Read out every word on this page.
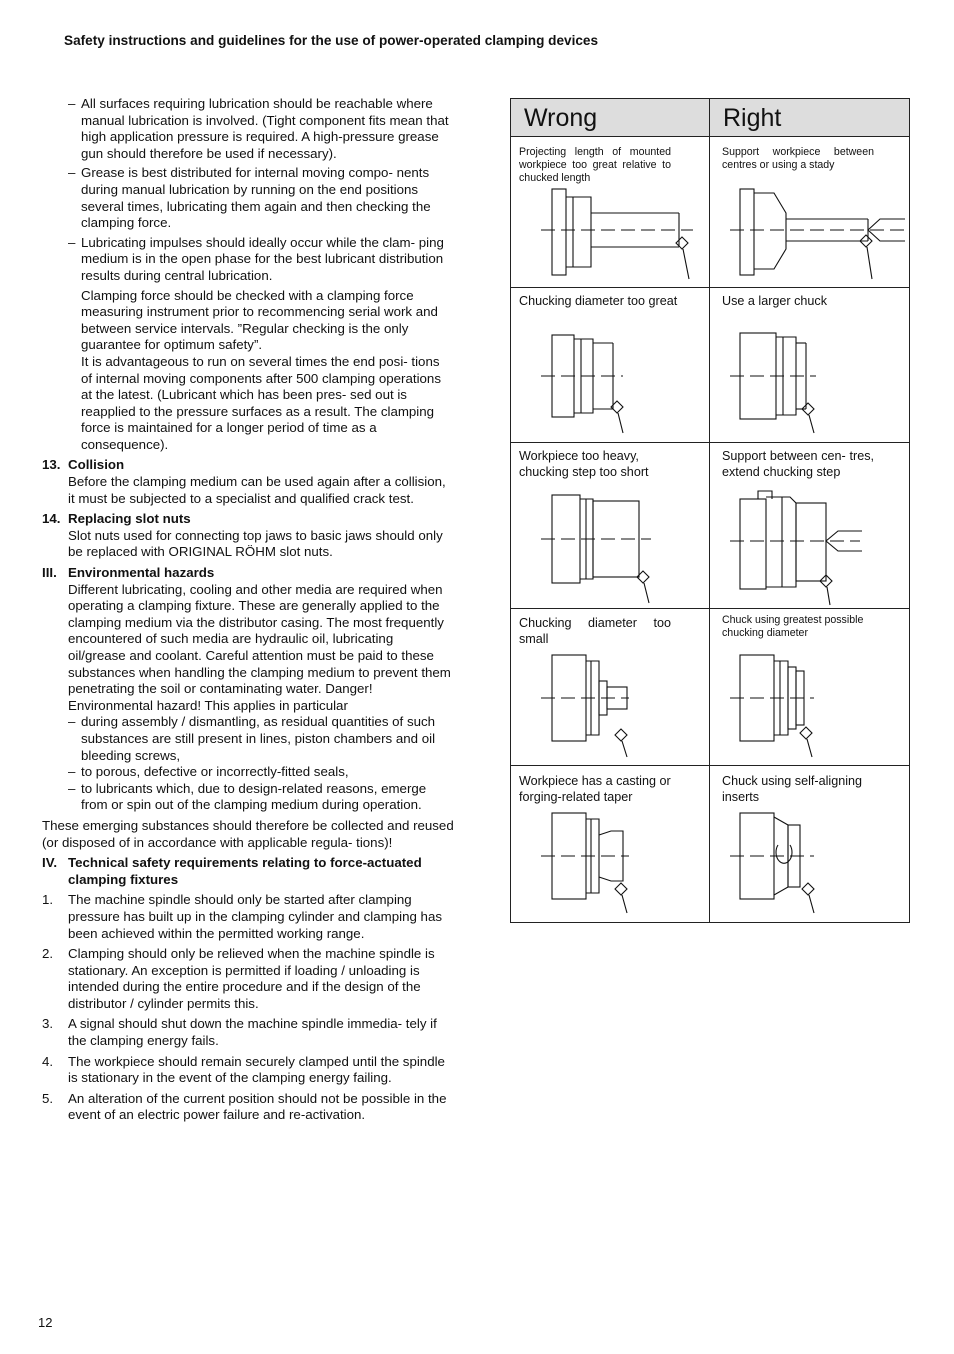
Safety instructions and guidelines for the use of power-operated clamping devices
– All surfaces requiring lubrication should be reachable where manual lubrication is involved. (Tight component fits mean that high application pressure is required. A high-pressure grease gun should therefore be used if necessary).
– Grease is best distributed for internal moving compo- nents during manual lubrication by running on the end positions several times, lubricating them again and then checking the clamping force.
– Lubricating impulses should ideally occur while the clam- ping medium is in the open phase for the best lubricant distribution results during central lubrication.
Clamping force should be checked with a clamping force measuring instrument prior to recommencing serial work and between service intervals. ”Regular checking is the only guarantee for optimum safety”.
It is advantageous to run on several times the end posi- tions of internal moving components after 500 clamping operations at the latest. (Lubricant which has been pres- sed out is reapplied to the pressure surfaces as a result. The clamping force is maintained for a longer period of time as a consequence).
13. Collision
Before the clamping medium can be used again after a collision, it must be subjected to a specialist and qualified crack test.
14. Replacing slot nuts
Slot nuts used for connecting top jaws to basic jaws should only be replaced with ORIGINAL RÖHM slot nuts.
III. Environmental hazards
Different lubricating, cooling and other media are required when operating a clamping fixture. These are generally applied to the clamping medium via the distributor casing. The most frequently encountered of such media are hydraulic oil, lubricating oil/grease and coolant. Careful attention must be paid to these substances when handling the clamping medium to prevent them penetrating the soil or contaminating water. Danger! Environmental hazard! This applies in particular
– during assembly / dismantling, as residual quantities of such substances are still present in lines, piston chambers and oil bleeding screws,
– to porous, defective or incorrectly-fitted seals,
– to lubricants which, due to design-related reasons, emerge from or spin out of the clamping medium during operation.
These emerging substances should therefore be collected and reused (or disposed of in accordance with applicable regula- tions)!
IV. Technical safety requirements relating to force-actuated clamping fixtures
1. The machine spindle should only be started after clamping pressure has built up in the clamping cylinder and clamping has been achieved within the permitted working range.
2. Clamping should only be relieved when the machine spindle is stationary. An exception is permitted if loading / unloading is intended during the entire procedure and if the design of the distributor / cylinder permits this.
3. A signal should shut down the machine spindle immedia- tely if the clamping energy fails.
4. The workpiece should remain securely clamped until the spindle is stationary in the event of the clamping energy failing.
5. An alteration of the current position should not be possible in the event of an electric power failure and re-activation.
Wrong	Right
Projecting length of mounted workpiece too great relative to chucked length
Support workpiece between centres or using a stady
Chucking diameter too great	Use a larger chuck
Workpiece too heavy, chucking step too short
Support between cen- tres, extend chucking step
Chucking diameter too small
Chuck using greatest possible chucking diameter
Workpiece has a casting or forging-related taper
Chuck using self-aligning inserts
12
